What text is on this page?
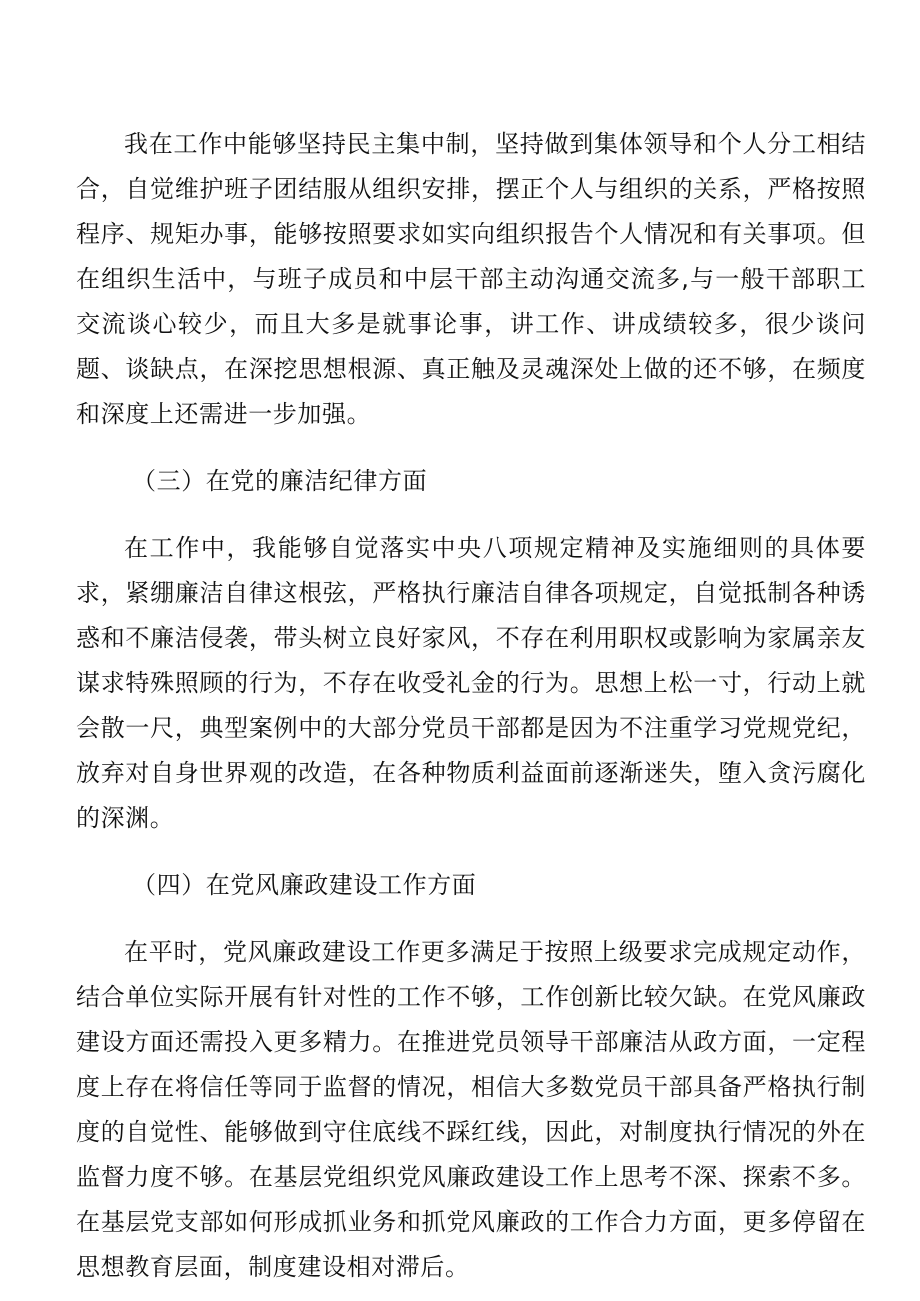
我在工作中能够坚持民主集中制，坚持做到集体领导和个人分工相结合，自觉维护班子团结服从组织安排，摆正个人与组织的关系，严格按照程序、规矩办事，能够按照要求如实向组织报告个人情况和有关事项。但在组织生活中，与班子成员和中层干部主动沟通交流多,与一般干部职工交流谈心较少，而且大多是就事论事，讲工作、讲成绩较多，很少谈问题、谈缺点，在深挖思想根源、真正触及灵魂深处上做的还不够，在频度和深度上还需进一步加强。

（三）在党的廉洁纪律方面

在工作中，我能够自觉落实中央八项规定精神及实施细则的具体要求，紧绷廉洁自律这根弦，严格执行廉洁自律各项规定，自觉抵制各种诱惑和不廉洁侵袭，带头树立良好家风，不存在利用职权或影响为家属亲友谋求特殊照顾的行为，不存在收受礼金的行为。思想上松一寸，行动上就会散一尺，典型案例中的大部分党员干部都是因为不注重学习党规党纪，放弃对自身世界观的改造，在各种物质利益面前逐渐迷失，堕入贪污腐化的深渊。

（四）在党风廉政建设工作方面

在平时，党风廉政建设工作更多满足于按照上级要求完成规定动作，结合单位实际开展有针对性的工作不够，工作创新比较欠缺。在党风廉政建设方面还需投入更多精力。在推进党员领导干部廉洁从政方面，一定程度上存在将信任等同于监督的情况，相信大多数党员干部具备严格执行制度的自觉性、能够做到守住底线不踩红线，因此，对制度执行情况的外在监督力度不够。在基层党组织党风廉政建设工作上思考不深、探索不多。在基层党支部如何形成抓业务和抓党风廉政的工作合力方面，更多停留在思想教育层面，制度建设相对滞后。
